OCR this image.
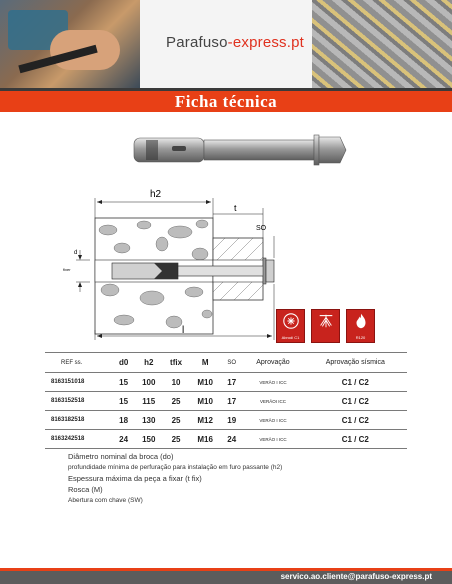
Parafuso-express.pt
Ficha técnica
h2
t
SO
fixer
d
l
Abrodi C1	R120
REF ss.	d0	h2	tfix	M	SO	Aprovação	Aprovação sísmica
8163151018	15	100	10	M10	17	VERÃO I ICC	C1 / C2
8163152518	15	115	25	M10	17	VERÃOI ICC	C1 / C2
8163182518	18	130	25	M12	19	VERÃO I ICC	C1 / C2
8163242518	24	150	25	M16	24	VERÃO I ICC	C1 / C2
Diâmetro nominal da broca (do)
profundidade mínima de perfuração para instalação em furo passante (h2)
Espessura máxima da peça a fixar (t fix)
Rosca (M)
Abertura com chave (SW)
servico.ao.cliente@parafuso-express.pt
